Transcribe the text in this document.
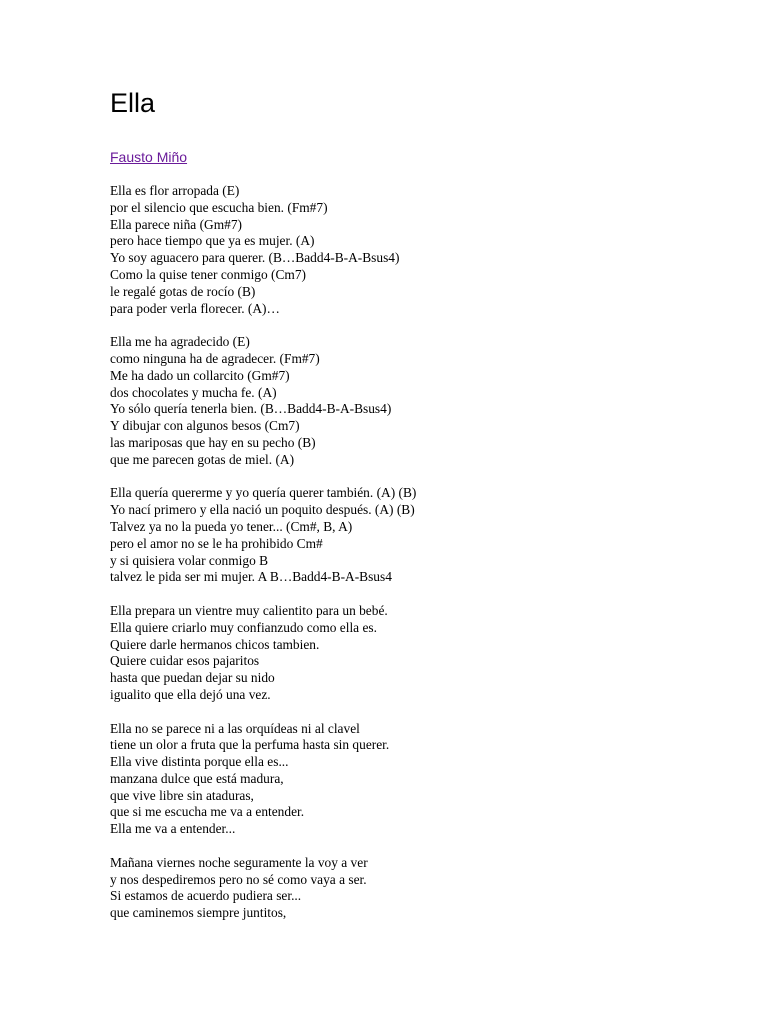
Ella
Fausto Miño
Ella es flor arropada (E)
por el silencio que escucha bien. (Fm#7)
Ella parece niña (Gm#7)
pero hace tiempo que ya es mujer. (A)
Yo soy aguacero para querer. (B…Badd4-B-A-Bsus4)
Como la quise tener conmigo (Cm7)
le regalé gotas de rocío (B)
para poder verla florecer. (A)…
Ella me ha agradecido (E)
como ninguna ha de agradecer. (Fm#7)
Me ha dado un collarcito (Gm#7)
dos chocolates y mucha fe. (A)
Yo sólo quería tenerla bien. (B…Badd4-B-A-Bsus4)
Y dibujar con algunos besos (Cm7)
las mariposas que hay en su pecho (B)
que me parecen gotas de miel. (A)
Ella quería quererme y yo quería querer también. (A) (B)
Yo nací primero y ella nació un poquito después. (A) (B)
Talvez ya no la pueda yo tener... (Cm#, B, A)
pero el amor no se le ha prohibido Cm#
y si quisiera volar conmigo B
talvez le pida ser mi mujer. A B…Badd4-B-A-Bsus4
Ella prepara un vientre muy calientito para un bebé.
Ella quiere criarlo muy confianzudo como ella es.
Quiere darle hermanos chicos tambien.
Quiere cuidar esos pajaritos
hasta que puedan dejar su nido
igualito que ella dejó una vez.
Ella no se parece ni a las orquídeas ni al clavel
tiene un olor a fruta que la perfuma hasta sin querer.
Ella vive distinta porque ella es...
manzana dulce que está madura,
que vive libre sin ataduras,
que si me escucha me va a entender.
Ella me va a entender...
Mañana viernes noche seguramente la voy a ver
y nos despediremos pero no sé como vaya a ser.
Si estamos de acuerdo pudiera ser...
que caminemos siempre juntitos,
